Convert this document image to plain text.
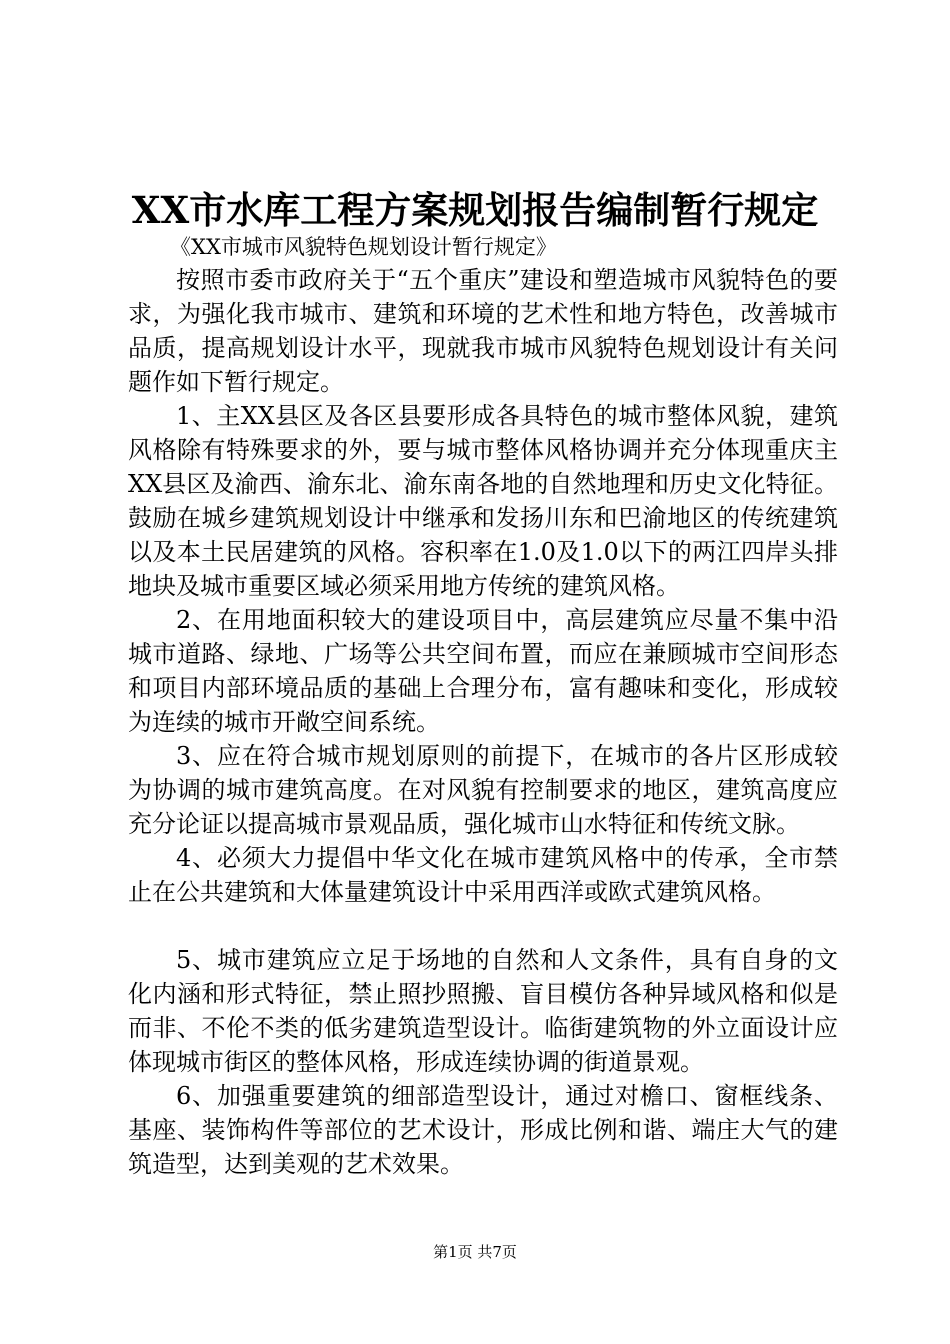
XX市水库工程方案规划报告编制暂行规定

《XX市城市风貌特色规划设计暂行规定》

按照市委市政府关于“五个重庆”建设和塑造城市风貌特色的要求，为强化我市城市、建筑和环境的艺术性和地方特色，改善城市品质，提高规划设计水平，现就我市城市风貌特色规划设计有关问题作如下暂行规定。

1、主XX县区及各区县要形成各具特色的城市整体风貌，建筑风格除有特殊要求的外，要与城市整体风格协调并充分体现重庆主XX县区及渝西、渝东北、渝东南各地的自然地理和历史文化特征。鼓励在城乡建筑规划设计中继承和发扬川东和巴渝地区的传统建筑以及本土民居建筑的风格。容积率在1.0及1.0以下的两江四岸头排地块及城市重要区域必须采用地方传统的建筑风格。

2、在用地面积较大的建设项目中，高层建筑应尽量不集中沿城市道路、绿地、广场等公共空间布置，而应在兼顾城市空间形态和项目内部环境品质的基础上合理分布，富有趣味和变化，形成较为连续的城市开敞空间系统。

3、应在符合城市规划原则的前提下，在城市的各片区形成较为协调的城市建筑高度。在对风貌有控制要求的地区，建筑高度应充分论证以提高城市景观品质，强化城市山水特征和传统文脉。

4、必须大力提倡中华文化在城市建筑风格中的传承，全市禁止在公共建筑和大体量建筑设计中采用西洋或欧式建筑风格。

5、城市建筑应立足于场地的自然和人文条件，具有自身的文化内涵和形式特征，禁止照抄照搬、盲目模仿各种异域风格和似是而非、不伦不类的低劣建筑造型设计。临街建筑物的外立面设计应体现城市街区的整体风格，形成连续协调的街道景观。

6、加强重要建筑的细部造型设计，通过对檐口、窗框线条、基座、装饰构件等部位的艺术设计，形成比例和谐、端庄大气的建筑造型，达到美观的艺术效果。

第1页 共7页
